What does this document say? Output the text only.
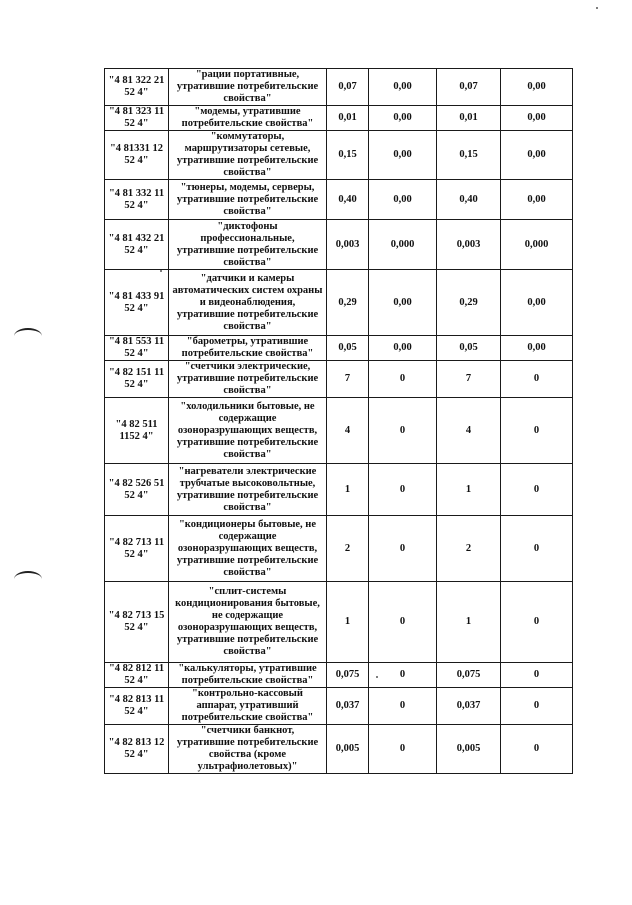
"4 81 322 21 52 4"	"рации портативные, утратившие потребительские свойства"	0,07	0,00	0,07	0,00
"4 81 323 11 52 4"	"модемы, утратившие потребительские свойства"	0,01	0,00	0,01	0,00
"4 81331 12 52 4"	"коммутаторы, маршрутизаторы сетевые, утратившие потребительские свойства"	0,15	0,00	0,15	0,00
"4 81 332 11 52 4"	"тюнеры, модемы, серверы, утратившие потребительские свойства"	0,40	0,00	0,40	0,00
"4 81 432 21 52 4"	"диктофоны профессиональные, утратившие потребительские свойства"	0,003	0,000	0,003	0,000
"4 81 433 91 52 4"	"датчики и камеры автоматических систем охраны и видеонаблюдения, утратившие потребительские свойства"	0,29	0,00	0,29	0,00
"4 81 553 11 52 4"	"барометры, утратившие потребительские свойства"	0,05	0,00	0,05	0,00
"4 82 151 11 52 4"	"счетчики электрические, утратившие потребительские свойства"	7	0	7	0
"4 82 511 1152 4"	"холодильники бытовые, не содержащие озоноразрушающих веществ, утратившие потребительские свойства"	4	0	4	0
"4 82 526 51 52 4"	"нагреватели электрические трубчатые высоковольтные, утратившие потребительские свойства"	1	0	1	0
"4 82 713 11 52 4"	"кондиционеры бытовые, не содержащие озоноразрушающих веществ, утратившие потребительские свойства"	2	0	2	0
"4 82 713 15 52 4"	"сплит-системы кондиционирования бытовые, не содержащие озоноразрушающих веществ, утратившие потребительские свойства"	1	0	1	0
"4 82 812 11 52 4"	"калькуляторы, утратившие потребительские свойства"	0,075	0	0,075	0
"4 82 813 11 52 4"	"контрольно-кассовый аппарат, утративший потребительские свойства"	0,037	0	0,037	0
"4 82 813 12 52 4"	"счетчики банкнот, утратившие потребительские свойства (кроме ультрафиолетовых)"	0,005	0	0,005	0
